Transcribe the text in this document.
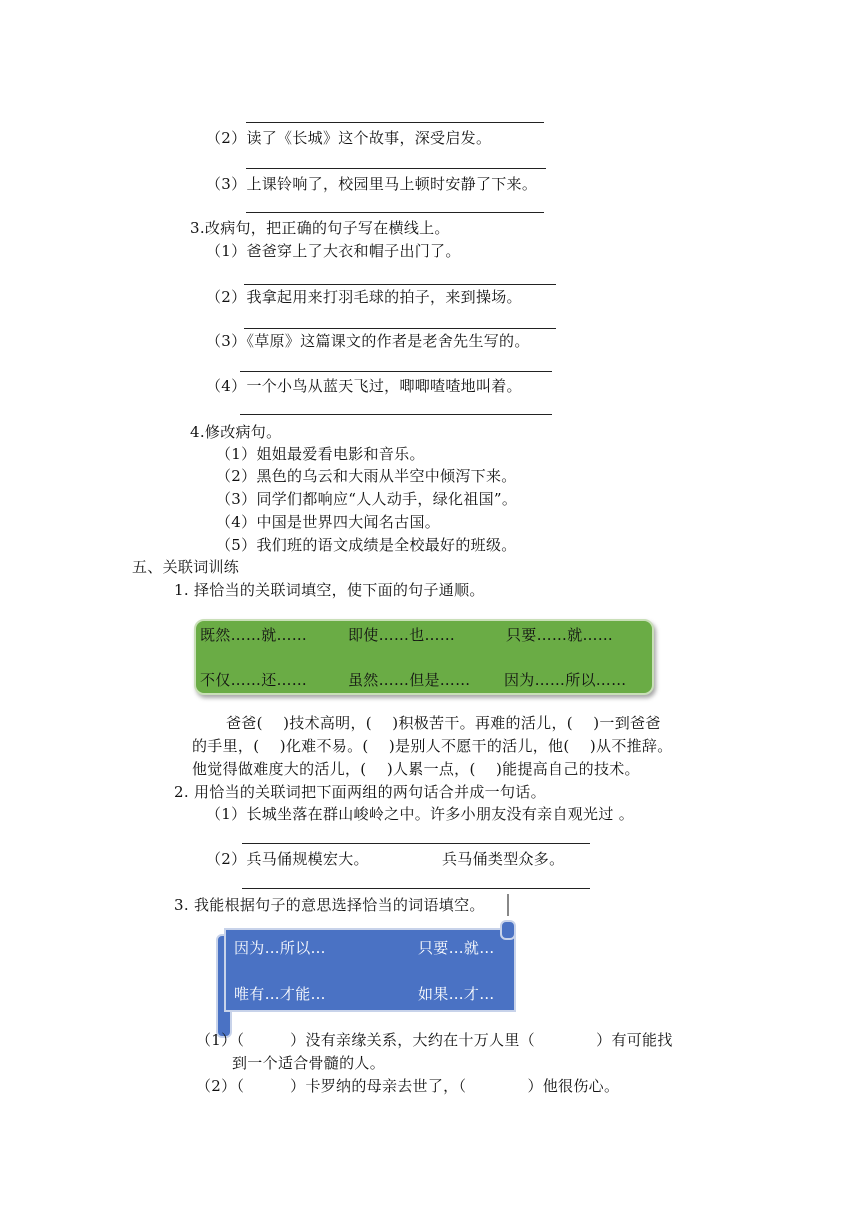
（2）读了《长城》这个故事，深受启发。
（3）上课铃响了，校园里马上顿时安静了下来。
3.改病句，把正确的句子写在横线上。
（1）爸爸穿上了大衣和帽子出门了。
（2）我拿起用来打羽毛球的拍子，来到操场。
（3）《草原》这篇课文的作者是老舍先生写的。
（4）一个小鸟从蓝天飞过，唧唧喳喳地叫着。
4.修改病句。
（1）姐姐最爱看电影和音乐。
（2）黑色的乌云和大雨从半空中倾泻下来。
（3）同学们都响应“人人动手，绿化祖国”。
（4）中国是世界四大闻名古国。
（5）我们班的语文成绩是全校最好的班级。
五、关联词训练
1. 择恰当的关联词填空，使下面的句子通顺。
既然……就……	即使……也……	只要……就……
不仅……还……	虽然……但是…… 因为……所以……
爸爸(　 )技术高明，(　 )积极苦干。再难的活儿，(　 )一到爸爸
的手里，(　 )化难不易。(　 )是别人不愿干的活儿，他(　 )从不推辞。
他觉得做难度大的活儿，(　 )人累一点，(　 )能提高自己的技术。
2. 用恰当的关联词把下面两组的两句话合并成一句话。
（1）长城坐落在群山峻岭之中。许多小朋友没有亲自观光过 。
（2）兵马俑规模宏大。	兵马俑类型众多。
3. 我能根据句子的意思选择恰当的词语填空。
因为…所以…	只要…就…
唯有…才能…	如果…才…
（1）（　　　）没有亲缘关系，大约在十万人里（　　　　）有可能找
到一个适合骨髓的人。
（2）（　　　）卡罗纳的母亲去世了，（　　　　）他很伤心。
